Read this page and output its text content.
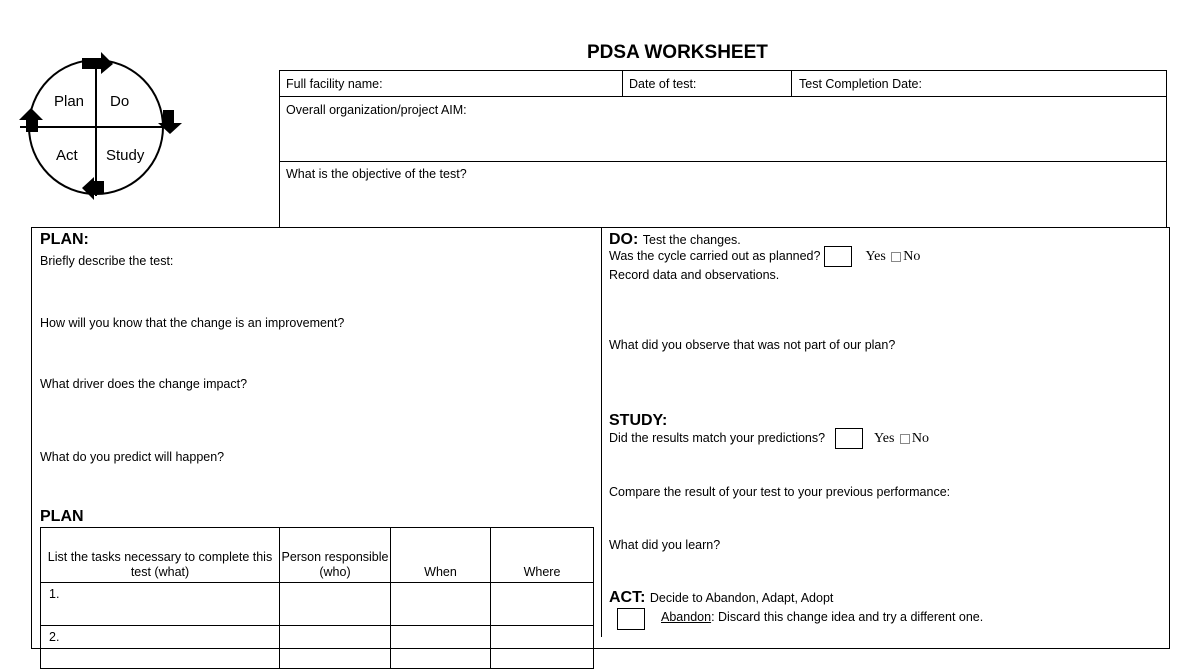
Plan Do
Act Study
PDSA WORKSHEET
Full facility name:	Date of test:	Test Completion Date:
Overall organization/project AIM:
What is the objective of the test?
PLAN:
Briefly describe the test:
How will you know that the change is an improvement?
What driver does the change impact?
What do you predict will happen?
PLAN
List the tasks necessary to complete this test (what)	Person responsible (who)	When	Where
1.			
2.			
DO: Test the changes.
Was the cycle carried out as planned?	Yes No
Record data and observations.
What did you observe that was not part of our plan?
STUDY:
Did the results match your predictions?	Yes No
Compare the result of your test to your previous performance:
What did you learn?
ACT: Decide to Abandon, Adapt, Adopt
Abandon: Discard this change idea and try a different one.
